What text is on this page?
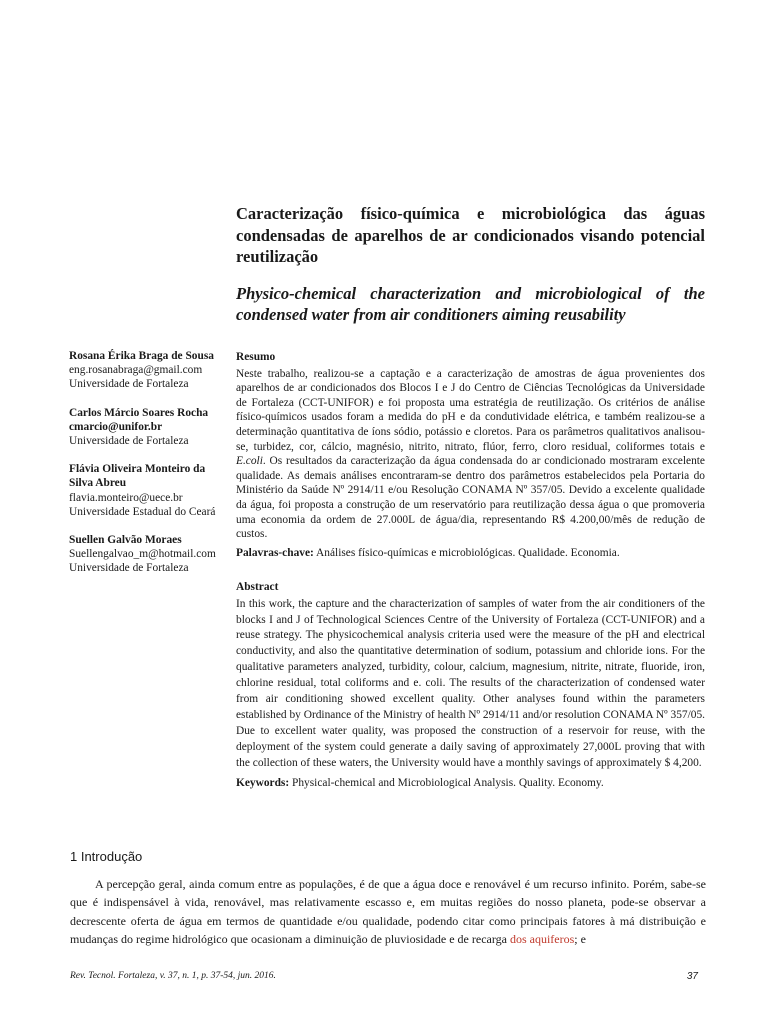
Caracterização físico-química e microbiológica das águas condensadas de aparelhos de ar condicionados visando potencial reutilização

Physico-chemical characterization and microbiological of the condensed water from air conditioners aiming reusability

Rosana Érika Braga de Sousa
eng.rosanabraga@gmail.com
Universidade de Fortaleza
Carlos Márcio Soares Rocha
cmarcio@unifor.br
Universidade de Fortaleza
Flávia Oliveira Monteiro da Silva Abreu
flavia.monteiro@uece.br
Universidade Estadual do Ceará
Suellen Galvão Moraes
Suellengalvao_m@hotmail.com
Universidade de Fortaleza
Resumo

Neste trabalho, realizou-se a captação e a caracterização de amostras de água provenientes dos aparelhos de ar condicionados dos Blocos I e J do Centro de Ciências Tecnológicas da Universidade de Fortaleza (CCT-UNIFOR) e foi proposta uma estratégia de reutilização. Os critérios de análise físico-químicos usados foram a medida do pH e da condutividade elétrica, e também realizou-se a determinação quantitativa de íons sódio, potássio e cloretos. Para os parâmetros qualitativos analisou-se, turbidez, cor, cálcio, magnésio, nitrito, nitrato, flúor, ferro, cloro residual, coliformes totais e E.coli. Os resultados da caracterização da água condensada do ar condicionado mostraram excelente qualidade. As demais análises encontraram-se dentro dos parâmetros estabelecidos pela Portaria do Ministério da Saúde Nº 2914/11 e/ou Resolução CONAMA Nº 357/05. Devido a excelente qualidade da água, foi proposta a construção de um reservatório para reutilização dessa água o que promoveria uma economia da ordem de 27.000L de água/dia, representando R$ 4.200,00/mês de redução de custos.

Palavras-chave: Análises físico-químicas e microbiológicas. Qualidade. Economia.
Abstract

In this work, the capture and the characterization of samples of water from the air conditioners of the blocks I and J of Technological Sciences Centre of the University of Fortaleza (CCT-UNIFOR) and a reuse strategy. The physicochemical analysis criteria used were the measure of the pH and electrical conductivity, and also the quantitative determination of sodium, potassium and chloride ions. For the qualitative parameters analyzed, turbidity, colour, calcium, magnesium, nitrite, nitrate, fluoride, iron, chlorine residual, total coliforms and e. coli. The results of the characterization of condensed water from air conditioning showed excellent quality. Other analyses found within the parameters established by Ordinance of the Ministry of health Nº 2914/11 and/or resolution CONAMA Nº 357/05. Due to excellent water quality, was proposed the construction of a reservoir for reuse, with the deployment of the system could generate a daily saving of approximately 27,000L proving that with the collection of these waters, the University would have a monthly savings of approximately $ 4,200.

Keywords: Physical-chemical and Microbiological Analysis. Quality. Economy.
1 Introdução

A percepção geral, ainda comum entre as populações, é de que a água doce e renovável é um recurso infinito. Porém, sabe-se que é indispensável à vida, renovável, mas relativamente escasso e, em muitas regiões do nosso planeta, pode-se observar a decrescente oferta de água em termos de quantidade e/ou qualidade, podendo citar como principais fatores à má distribuição e mudanças do regime hidrológico que ocasionam a diminuição de pluviosidade e de recarga dos aquiferos; e

Rev. Tecnol. Fortaleza, v. 37, n. 1, p. 37-54, jun. 2016.	37
